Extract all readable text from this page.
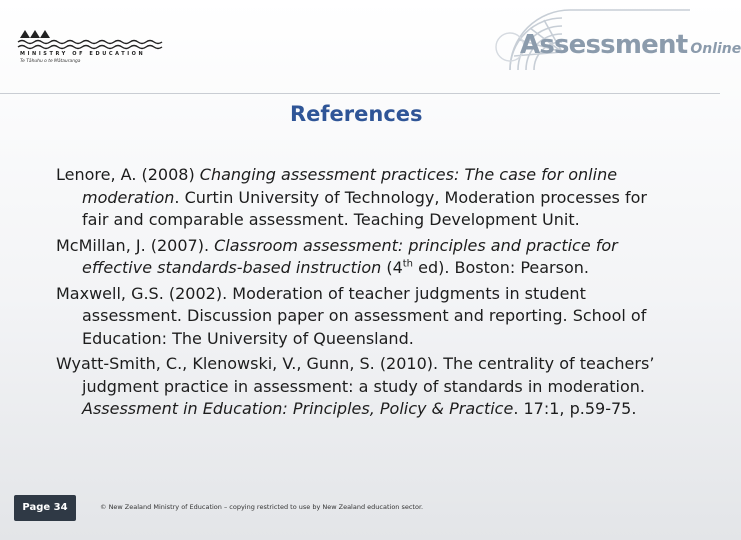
MINISTRY OF EDUCATION
Te Tāhuhu o te Mātauranga
Assessment Online
References

Lenore, A. (2008) Changing assessment practices: The case for online moderation. Curtin University of Technology, Moderation processes for fair and comparable assessment. Teaching Development Unit.

McMillan, J. (2007). Classroom assessment: principles and practice for effective standards-based instruction (4th ed). Boston: Pearson.

Maxwell, G.S. (2002). Moderation of teacher judgments in student assessment. Discussion paper on assessment and reporting. School of Education: The University of Queensland.

Wyatt-Smith, C., Klenowski, V., Gunn, S. (2010). The centrality of teachers’ judgment practice in assessment: a study of standards in moderation. Assessment in Education: Principles, Policy & Practice. 17:1, p.59-75.

Page 34	© New Zealand Ministry of Education – copying restricted to use by New Zealand education sector.
